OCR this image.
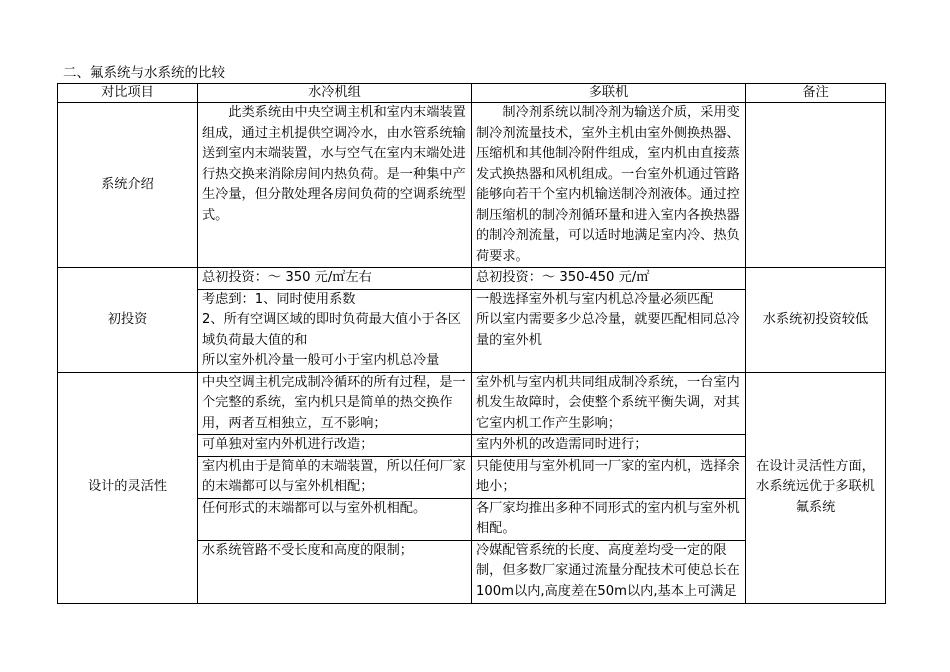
二、氟系统与水系统的比较
对比项目	水冷机组	多联机	备注
系统介绍	此类系统由中央空调主机和室内末端装置组成，通过主机提供空调冷水，由水管系统输送到室内末端装置，水与空气在室内末端处进行热交换来消除房间内热负荷。是一种集中产生冷量，但分散处理各房间负荷的空调系统型式。	制冷剂系统以制冷剂为输送介质，采用变制冷剂流量技术，室外主机由室外侧换热器、压缩机和其他制冷附件组成，室内机由直接蒸发式换热器和风机组成。一台室外机通过管路能够向若干个室内机输送制冷剂液体。通过控制压缩机的制冷剂循环量和进入室内各换热器的制冷剂流量，可以适时地满足室内冷、热负荷要求。	
初投资	总初投资：～ 350 元/㎡左右	总初投资：～ 350-450 元/㎡	水系统初投资较低
	考虑到：1、同时使用系数
2、所有空调区域的即时负荷最大值小于各区域负荷最大值的和
所以室外机冷量一般可小于室内机总冷量	一般选择室外机与室内机总冷量必须匹配
所以室内需要多少总冷量，就要匹配相同总冷量的室外机	
设计的灵活性	中央空调主机完成制冷循环的所有过程，是一个完整的系统，室内机只是简单的热交换作用，两者互相独立，互不影响；	室外机与室内机共同组成制冷系统，一台室内机发生故障时，会使整个系统平衡失调，对其它室内机工作产生影响；	在设计灵活性方面，水系统远优于多联机氟系统
	可单独对室内外机进行改造；	室内外机的改造需同时进行；	
	室内机由于是简单的末端装置，所以任何厂家的末端都可以与室外机相配；	只能使用与室外机同一厂家的室内机，选择余地小；	
	任何形式的末端都可以与室外机相配。	各厂家均推出多种不同形式的室内机与室外机相配。	
	水系统管路不受长度和高度的限制；	冷媒配管系统的长度、高度差均受一定的限制，但多数厂家通过流量分配技术可使总长在100m以内,高度差在50m以内,基本上可满足	
